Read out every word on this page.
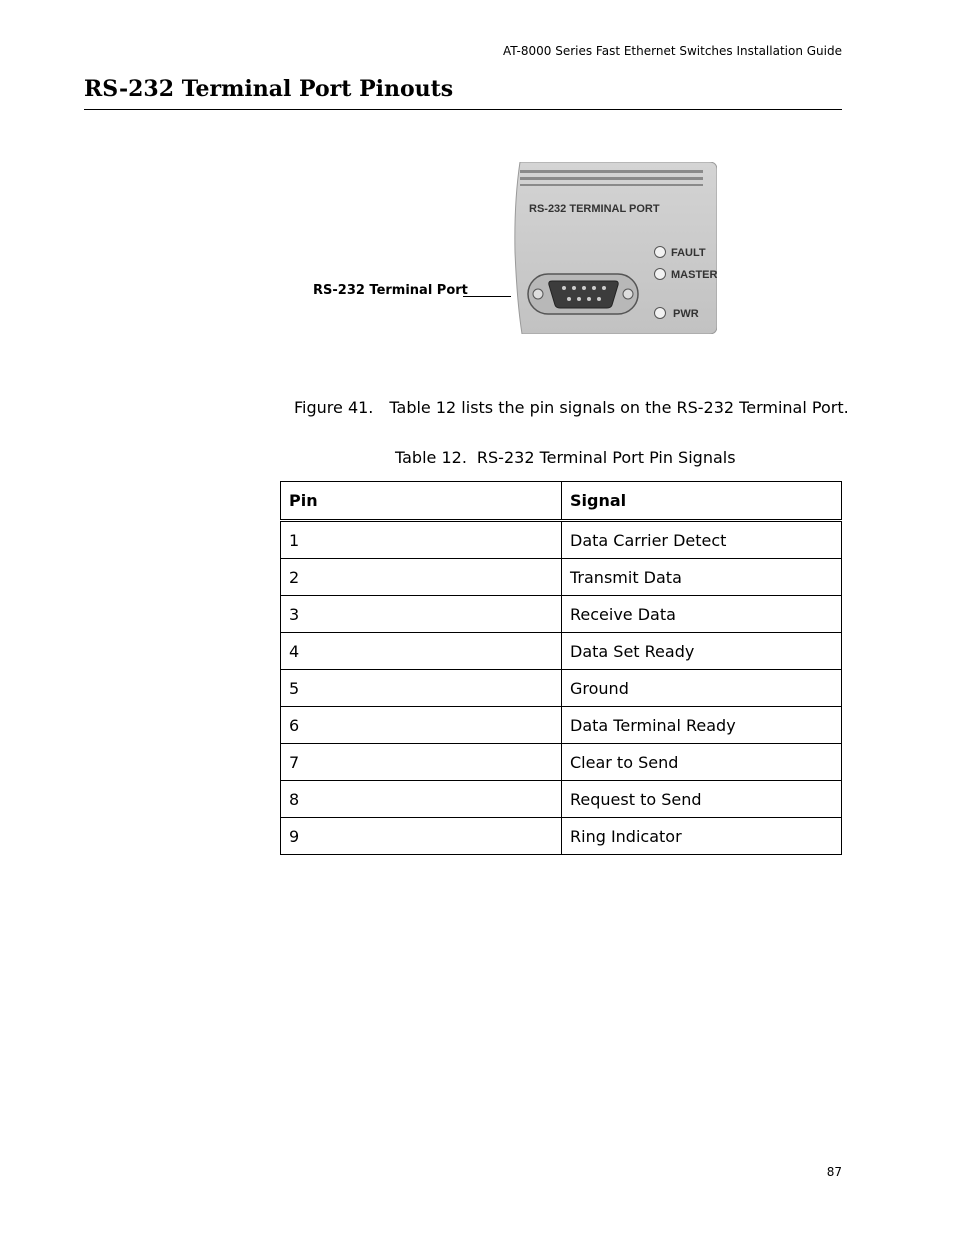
AT-8000 Series Fast Ethernet Switches Installation Guide
RS-232 Terminal Port Pinouts
RS-232 Terminal Port
RS-232 TERMINAL PORT
FAULT
MASTER
PWR
Figure 41. Table 12 lists the pin signals on the RS-232 Terminal Port.
Table 12. RS-232 Terminal Port Pin Signals
Pin	Signal
1	Data Carrier Detect
2	Transmit Data
3	Receive Data
4	Data Set Ready
5	Ground
6	Data Terminal Ready
7	Clear to Send
8	Request to Send
9	Ring Indicator
87
